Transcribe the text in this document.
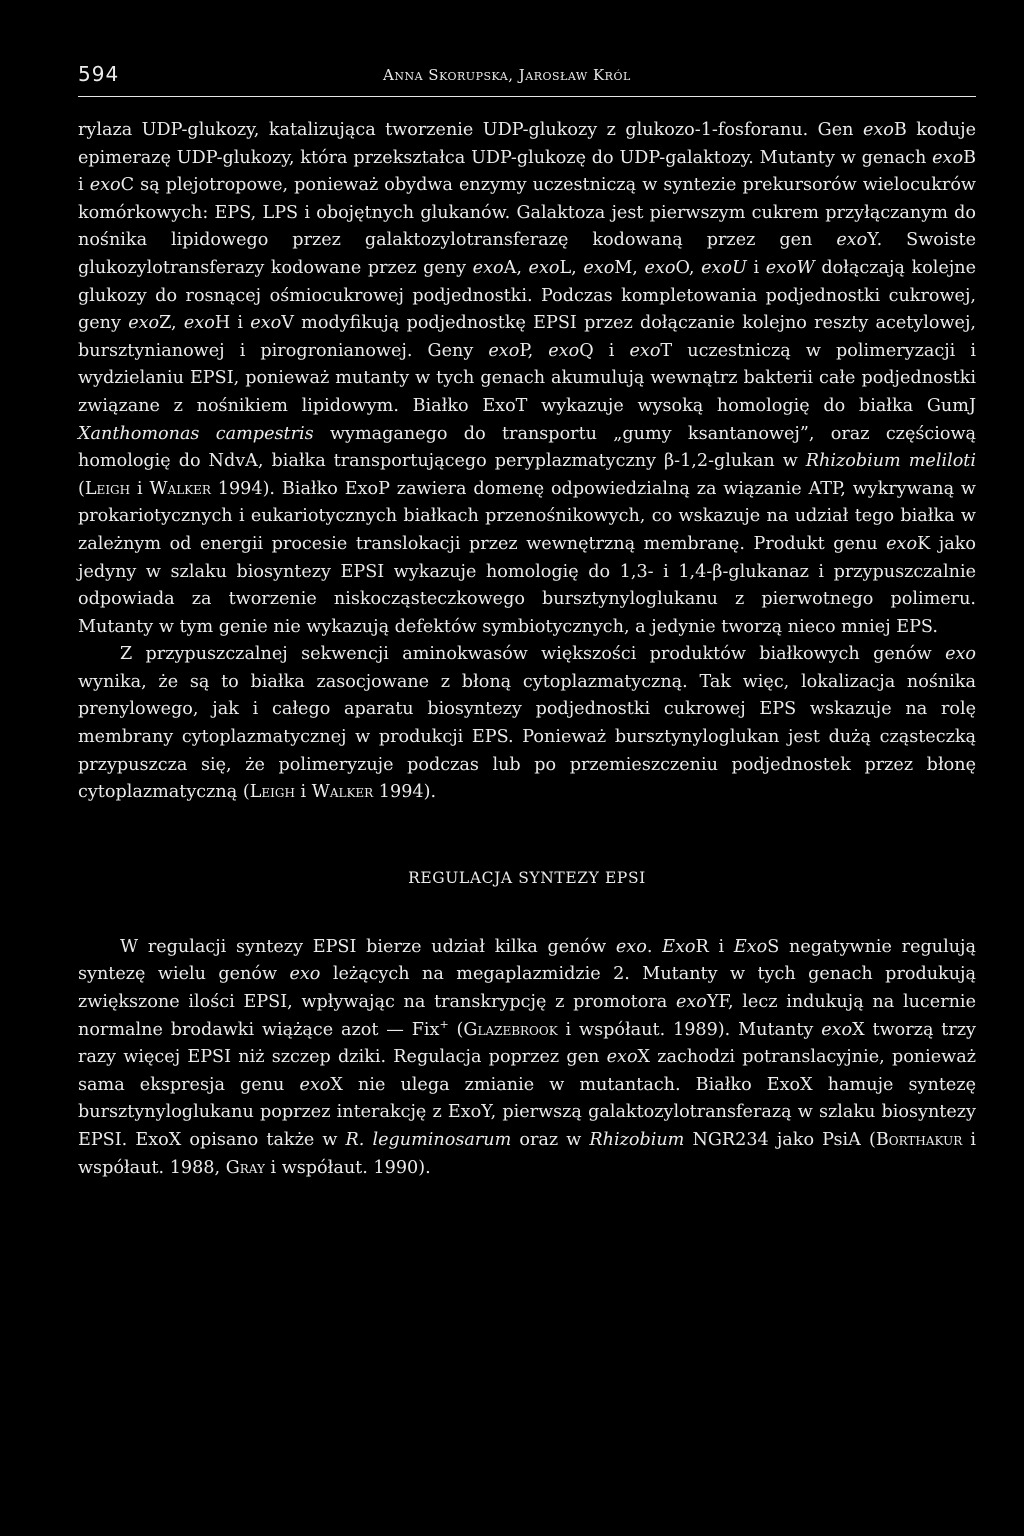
594	Anna Skorupska, Jarosław Król

rylaza UDP-glukozy, katalizująca tworzenie UDP-glukozy z glukozo-1-fosforanu. Gen exoB koduje epimerazę UDP-glukozy, która przekształca UDP-glukozę do UDP-galaktozy. Mutanty w genach exoB i exoC są plejotropowe, ponieważ obydwa enzymy uczestniczą w syntezie prekursorów wielocukrów komórkowych: EPS, LPS i obojętnych glukanów. Galaktoza jest pierwszym cukrem przyłączanym do nośnika lipidowego przez galaktozylotransferazę kodowaną przez gen exoY. Swoiste glukozylotransferazy kodowane przez geny exoA, exoL, exoM, exoO, exoU i exoW dołączają kolejne glukozy do rosnącej ośmiocukrowej podjednostki. Podczas kompletowania podjednostki cukrowej, geny exoZ, exoH i exoV modyfikują podjednostkę EPSI przez dołączanie kolejno reszty acetylowej, bursztynianowej i pirogronianowej. Geny exoP, exoQ i exoT uczestniczą w polimeryzacji i wydzielaniu EPSI, ponieważ mutanty w tych genach akumulują wewnątrz bakterii całe podjednostki związane z nośnikiem lipidowym. Białko ExoT wykazuje wysoką homologię do białka GumJ Xanthomonas campestris wymaganego do transportu „gumy ksantanowej”, oraz częściową homologię do NdvA, białka transportującego peryplazmatyczny β-1,2-glukan w Rhizobium meliloti (Leigh i Walker 1994). Białko ExoP zawiera domenę odpowiedzialną za wiązanie ATP, wykrywaną w prokariotycznych i eukariotycznych białkach przenośnikowych, co wskazuje na udział tego białka w zależnym od energii procesie translokacji przez wewnętrzną membranę. Produkt genu exoK jako jedyny w szlaku biosyntezy EPSI wykazuje homologię do 1,3- i 1,4-β-glukanaz i przypuszczalnie odpowiada za tworzenie niskocząsteczkowego bursztynyloglukanu z pierwotnego polimeru. Mutanty w tym genie nie wykazują defektów symbiotycznych, a jedynie tworzą nieco mniej EPS.

Z przypuszczalnej sekwencji aminokwasów większości produktów białkowych genów exo wynika, że są to białka zasocjowane z błoną cytoplazmatyczną. Tak więc, lokalizacja nośnika prenylowego, jak i całego aparatu biosyntezy podjednostki cukrowej EPS wskazuje na rolę membrany cytoplazmatycznej w produkcji EPS. Ponieważ bursztynyloglukan jest dużą cząsteczką przypuszcza się, że polimeryzuje podczas lub po przemieszczeniu podjednostek przez błonę cytoplazmatyczną (Leigh i Walker 1994).

REGULACJA SYNTEZY EPSI

W regulacji syntezy EPSI bierze udział kilka genów exo. ExoR i ExoS negatywnie regulują syntezę wielu genów exo leżących na megaplazmidzie 2. Mutanty w tych genach produkują zwiększone ilości EPSI, wpływając na transkrypcję z promotora exoYF, lecz indukują na lucernie normalne brodawki wiążące azot — Fix+ (Glazebrook i współaut. 1989). Mutanty exoX tworzą trzy razy więcej EPSI niż szczep dziki. Regulacja poprzez gen exoX zachodzi potranslacyjnie, ponieważ sama ekspresja genu exoX nie ulega zmianie w mutantach. Białko ExoX hamuje syntezę bursztynyloglukanu poprzez interakcję z ExoY, pierwszą galaktozylotransferazą w szlaku biosyntezy EPSI. ExoX opisano także w R. leguminosarum oraz w Rhizobium NGR234 jako PsiA (Borthakur i współaut. 1988, Gray i współaut. 1990).
